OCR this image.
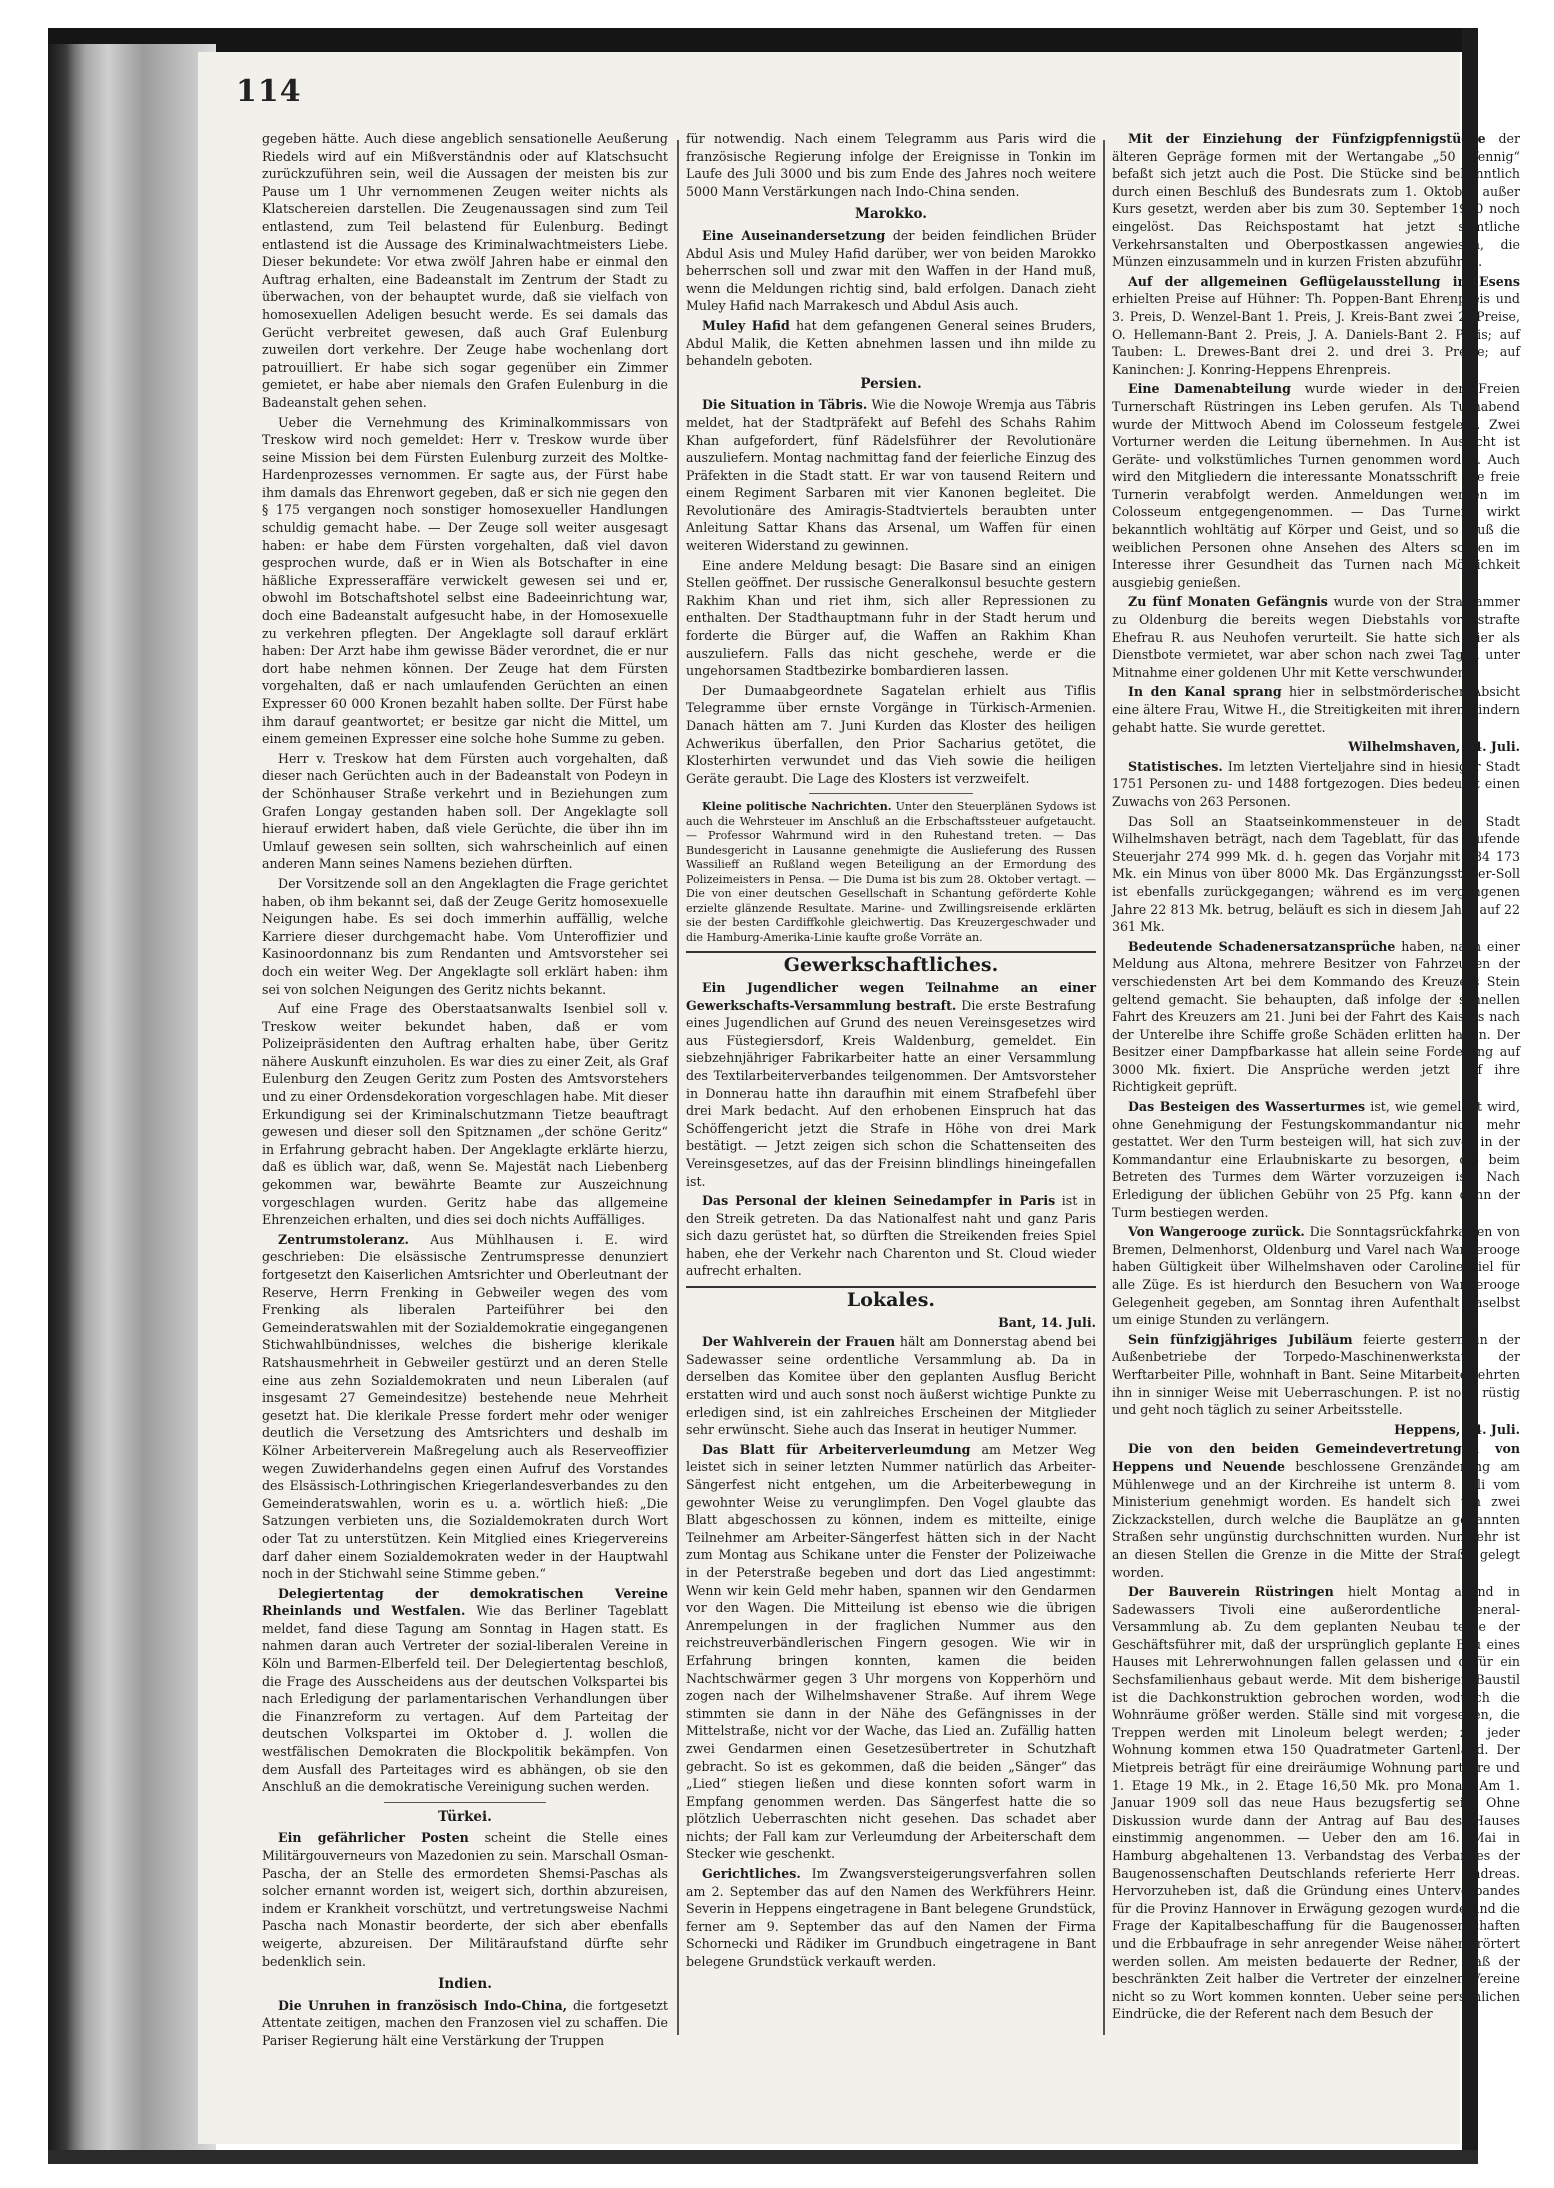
114

gegeben hätte. Auch diese angeblich sensationelle Aeußerung Riedels wird auf ein Mißverständnis oder auf Klatschsucht zurückzuführen sein, weil die Aussagen der meisten bis zur Pause um 1 Uhr vernommenen Zeugen weiter nichts als Klatschereien darstellen. Die Zeugenaussagen sind zum Teil entlastend, zum Teil belastend für Eulenburg. Bedingt entlastend ist die Aussage des Kriminalwachtmeisters Liebe. Dieser bekundete: Vor etwa zwölf Jahren habe er einmal den Auftrag erhalten, eine Badeanstalt im Zentrum der Stadt zu überwachen, von der behauptet wurde, daß sie vielfach von homosexuellen Adeligen besucht werde. Es sei damals das Gerücht verbreitet gewesen, daß auch Graf Eulenburg zuweilen dort verkehre. Der Zeuge habe wochenlang dort patrouilliert. Er habe sich sogar gegenüber ein Zimmer gemietet, er habe aber niemals den Grafen Eulenburg in die Badeanstalt gehen sehen.

Ueber die Vernehmung des Kriminalkommissars von Treskow wird noch gemeldet: Herr v. Treskow wurde über seine Mission bei dem Fürsten Eulenburg zurzeit des Moltke-Hardenprozesses vernommen. Er sagte aus, der Fürst habe ihm damals das Ehrenwort gegeben, daß er sich nie gegen den § 175 vergangen noch sonstiger homosexueller Handlungen schuldig gemacht habe. — Der Zeuge soll weiter ausgesagt haben: er habe dem Fürsten vorgehalten, daß viel davon gesprochen wurde, daß er in Wien als Botschafter in eine häßliche Expresseraffäre verwickelt gewesen sei und er, obwohl im Botschaftshotel selbst eine Badeeinrichtung war, doch eine Badeanstalt aufgesucht habe, in der Homosexuelle zu verkehren pflegten. Der Angeklagte soll darauf erklärt haben: Der Arzt habe ihm gewisse Bäder verordnet, die er nur dort habe nehmen können. Der Zeuge hat dem Fürsten vorgehalten, daß er nach umlaufenden Gerüchten an einen Expresser 60 000 Kronen bezahlt haben sollte. Der Fürst habe ihm darauf geantwortet; er besitze gar nicht die Mittel, um einem gemeinen Expresser eine solche hohe Summe zu geben.

Herr v. Treskow hat dem Fürsten auch vorgehalten, daß dieser nach Gerüchten auch in der Badeanstalt von Podeyn in der Schönhauser Straße verkehrt und in Beziehungen zum Grafen Longay gestanden haben soll. Der Angeklagte soll hierauf erwidert haben, daß viele Gerüchte, die über ihn im Umlauf gewesen sein sollten, sich wahrscheinlich auf einen anderen Mann seines Namens beziehen dürften.

Der Vorsitzende soll an den Angeklagten die Frage gerichtet haben, ob ihm bekannt sei, daß der Zeuge Geritz homosexuelle Neigungen habe. Es sei doch immerhin auffällig, welche Karriere dieser durchgemacht habe. Vom Unteroffizier und Kasinoordonnanz bis zum Rendanten und Amtsvorsteher sei doch ein weiter Weg. Der Angeklagte soll erklärt haben: ihm sei von solchen Neigungen des Geritz nichts bekannt.

Auf eine Frage des Oberstaatsanwalts Isenbiel soll v. Treskow weiter bekundet haben, daß er vom Polizeipräsidenten den Auftrag erhalten habe, über Geritz nähere Auskunft einzuholen. Es war dies zu einer Zeit, als Graf Eulenburg den Zeugen Geritz zum Posten des Amtsvorstehers und zu einer Ordensdekoration vorgeschlagen habe. Mit dieser Erkundigung sei der Kriminalschutzmann Tietze beauftragt gewesen und dieser soll den Spitznamen „der schöne Geritz“ in Erfahrung gebracht haben. Der Angeklagte erklärte hierzu, daß es üblich war, daß, wenn Se. Majestät nach Liebenberg gekommen war, bewährte Beamte zur Auszeichnung vorgeschlagen wurden. Geritz habe das allgemeine Ehrenzeichen erhalten, und dies sei doch nichts Auffälliges.

Zentrumstoleranz. Aus Mühlhausen i. E. wird geschrieben: Die elsässische Zentrumspresse denunziert fortgesetzt den Kaiserlichen Amtsrichter und Oberleutnant der Reserve, Herrn Frenking in Gebweiler wegen des vom Frenking als liberalen Parteiführer bei den Gemeinderatswahlen mit der Sozialdemokratie eingegangenen Stichwahlbündnisses, welches die bisherige klerikale Ratshausmehrheit in Gebweiler gestürzt und an deren Stelle eine aus zehn Sozialdemokraten und neun Liberalen (auf insgesamt 27 Gemeindesitze) bestehende neue Mehrheit gesetzt hat. Die klerikale Presse fordert mehr oder weniger deutlich die Versetzung des Amtsrichters und deshalb im Kölner Arbeiterverein Maßregelung auch als Reserveoffizier wegen Zuwiderhandelns gegen einen Aufruf des Vorstandes des Elsässisch-Lothringischen Kriegerlandesverbandes zu den Gemeinderatswahlen, worin es u. a. wörtlich hieß: „Die Satzungen verbieten uns, die Sozialdemokraten durch Wort oder Tat zu unterstützen. Kein Mitglied eines Kriegervereins darf daher einem Sozialdemokraten weder in der Hauptwahl noch in der Stichwahl seine Stimme geben.“

Delegiertentag der demokratischen Vereine Rheinlands und Westfalen. Wie das Berliner Tageblatt meldet, fand diese Tagung am Sonntag in Hagen statt. Es nahmen daran auch Vertreter der sozial-liberalen Vereine in Köln und Barmen-Elberfeld teil. Der Delegiertentag beschloß, die Frage des Ausscheidens aus der deutschen Volkspartei bis nach Erledigung der parlamentarischen Verhandlungen über die Finanzreform zu vertagen. Auf dem Parteitag der deutschen Volkspartei im Oktober d. J. wollen die westfälischen Demokraten die Blockpolitik bekämpfen. Von dem Ausfall des Parteitages wird es abhängen, ob sie den Anschluß an die demokratische Vereinigung suchen werden.

Türkei.

Ein gefährlicher Posten scheint die Stelle eines Militärgouverneurs von Mazedonien zu sein. Marschall Osman-Pascha, der an Stelle des ermordeten Shemsi-Paschas als solcher ernannt worden ist, weigert sich, dorthin abzureisen, indem er Krankheit vorschützt, und vertretungsweise Nachmi Pascha nach Monastir beorderte, der sich aber ebenfalls weigerte, abzureisen. Der Militäraufstand dürfte sehr bedenklich sein.

Indien.

Die Unruhen in französisch Indo-China, die fortgesetzt Attentate zeitigen, machen den Franzosen viel zu schaffen. Die Pariser Regierung hält eine Verstärkung der Truppen

für notwendig. Nach einem Telegramm aus Paris wird die französische Regierung infolge der Ereignisse in Tonkin im Laufe des Juli 3000 und bis zum Ende des Jahres noch weitere 5000 Mann Verstärkungen nach Indo-China senden.

Marokko.

Eine Auseinandersetzung der beiden feindlichen Brüder Abdul Asis und Muley Hafid darüber, wer von beiden Marokko beherrschen soll und zwar mit den Waffen in der Hand muß, wenn die Meldungen richtig sind, bald erfolgen. Danach zieht Muley Hafid nach Marrakesch und Abdul Asis auch.

Muley Hafid hat dem gefangenen General seines Bruders, Abdul Malik, die Ketten abnehmen lassen und ihn milde zu behandeln geboten.

Persien.

Die Situation in Täbris. Wie die Nowoje Wremja aus Täbris meldet, hat der Stadtpräfekt auf Befehl des Schahs Rahim Khan aufgefordert, fünf Rädelsführer der Revolutionäre auszuliefern. Montag nachmittag fand der feierliche Einzug des Präfekten in die Stadt statt. Er war von tausend Reitern und einem Regiment Sarbaren mit vier Kanonen begleitet. Die Revolutionäre des Amiragis-Stadtviertels beraubten unter Anleitung Sattar Khans das Arsenal, um Waffen für einen weiteren Widerstand zu gewinnen.

Eine andere Meldung besagt: Die Basare sind an einigen Stellen geöffnet. Der russische Generalkonsul besuchte gestern Rakhim Khan und riet ihm, sich aller Repressionen zu enthalten. Der Stadthauptmann fuhr in der Stadt herum und forderte die Bürger auf, die Waffen an Rakhim Khan auszuliefern. Falls das nicht geschehe, werde er die ungehorsamen Stadtbezirke bombardieren lassen.

Der Dumaabgeordnete Sagatelan erhielt aus Tiflis Telegramme über ernste Vorgänge in Türkisch-Armenien. Danach hätten am 7. Juni Kurden das Kloster des heiligen Achwerikus überfallen, den Prior Sacharius getötet, die Klosterhirten verwundet und das Vieh sowie die heiligen Geräte geraubt. Die Lage des Klosters ist verzweifelt.

Kleine politische Nachrichten. Unter den Steuerplänen Sydows ist auch die Wehrsteuer im Anschluß an die Erbschaftssteuer aufgetaucht. — Professor Wahrmund wird in den Ruhestand treten. — Das Bundesgericht in Lausanne genehmigte die Auslieferung des Russen Wassilieff an Rußland wegen Beteiligung an der Ermordung des Polizeimeisters in Pensa. — Die Duma ist bis zum 28. Oktober vertagt. — Die von einer deutschen Gesellschaft in Schantung geförderte Kohle erzielte glänzende Resultate. Marine- und Zwillingsreisende erklärten sie der besten Cardiffkohle gleichwertig. Das Kreuzergeschwader und die Hamburg-Amerika-Linie kaufte große Vorräte an.

Gewerkschaftliches.

Ein Jugendlicher wegen Teilnahme an einer Gewerkschafts-Versammlung bestraft. Die erste Bestrafung eines Jugendlichen auf Grund des neuen Vereinsgesetzes wird aus Füstegiersdorf, Kreis Waldenburg, gemeldet. Ein siebzehnjähriger Fabrikarbeiter hatte an einer Versammlung des Textilarbeiterverbandes teilgenommen. Der Amtsvorsteher in Donnerau hatte ihn daraufhin mit einem Strafbefehl über drei Mark bedacht. Auf den erhobenen Einspruch hat das Schöffengericht jetzt die Strafe in Höhe von drei Mark bestätigt. — Jetzt zeigen sich schon die Schattenseiten des Vereinsgesetzes, auf das der Freisinn blindlings hineingefallen ist.

Das Personal der kleinen Seinedampfer in Paris ist in den Streik getreten. Da das Nationalfest naht und ganz Paris sich dazu gerüstet hat, so dürften die Streikenden freies Spiel haben, ehe der Verkehr nach Charenton und St. Cloud wieder aufrecht erhalten.

Lokales.
Bant, 14. Juli.

Der Wahlverein der Frauen hält am Donnerstag abend bei Sadewasser seine ordentliche Versammlung ab. Da in derselben das Komitee über den geplanten Ausflug Bericht erstatten wird und auch sonst noch äußerst wichtige Punkte zu erledigen sind, ist ein zahlreiches Erscheinen der Mitglieder sehr erwünscht. Siehe auch das Inserat in heutiger Nummer.

Das Blatt für Arbeiterverleumdung am Metzer Weg leistet sich in seiner letzten Nummer natürlich das Arbeiter-Sängerfest nicht entgehen, um die Arbeiterbewegung in gewohnter Weise zu verunglimpfen. Den Vogel glaubte das Blatt abgeschossen zu können, indem es mitteilte, einige Teilnehmer am Arbeiter-Sängerfest hätten sich in der Nacht zum Montag aus Schikane unter die Fenster der Polizeiwache in der Peterstraße begeben und dort das Lied angestimmt: Wenn wir kein Geld mehr haben, spannen wir den Gendarmen vor den Wagen. Die Mitteilung ist ebenso wie die übrigen Anrempelungen in der fraglichen Nummer aus den reichstreuverbändlerischen Fingern gesogen. Wie wir in Erfahrung bringen konnten, kamen die beiden Nachtschwärmer gegen 3 Uhr morgens von Kopperhörn und zogen nach der Wilhelmshavener Straße. Auf ihrem Wege stimmten sie dann in der Nähe des Gefängnisses in der Mittelstraße, nicht vor der Wache, das Lied an. Zufällig hatten zwei Gendarmen einen Gesetzesübertreter in Schutzhaft gebracht. So ist es gekommen, daß die beiden „Sänger“ das „Lied“ stiegen ließen und diese konnten sofort warm in Empfang genommen werden. Das Sängerfest hatte die so plötzlich Ueberraschten nicht gesehen. Das schadet aber nichts; der Fall kam zur Verleumdung der Arbeiterschaft dem Stecker wie geschenkt.

Gerichtliches. Im Zwangsversteigerungsverfahren sollen am 2. September das auf den Namen des Werkführers Heinr. Severin in Heppens eingetragene in Bant belegene Grundstück, ferner am 9. September das auf den Namen der Firma Schornecki und Rädiker im Grundbuch eingetragene in Bant belegene Grundstück verkauft werden.

Mit der Einziehung der Fünfzigpfennigstücke der älteren Gepräge formen mit der Wertangabe „50 Pfennig“ befaßt sich jetzt auch die Post. Die Stücke sind bekanntlich durch einen Beschluß des Bundesrats zum 1. Oktober außer Kurs gesetzt, werden aber bis zum 30. September 1910 noch eingelöst. Das Reichspostamt hat jetzt sämtliche Verkehrsanstalten und Oberpostkassen angewiesen, die Münzen einzusammeln und in kurzen Fristen abzuführen.

Auf der allgemeinen Geflügelausstellung in Esens erhielten Preise auf Hühner: Th. Poppen-Bant Ehrenpreis und 3. Preis, D. Wenzel-Bant 1. Preis, J. Kreis-Bant zwei 2. Preise, O. Hellemann-Bant 2. Preis, J. A. Daniels-Bant 2. Preis; auf Tauben: L. Drewes-Bant drei 2. und drei 3. Preise; auf Kaninchen: J. Konring-Heppens Ehrenpreis.

Eine Damenabteilung wurde wieder in der Freien Turnerschaft Rüstringen ins Leben gerufen. Als Turnabend wurde der Mittwoch Abend im Colosseum festgelegt. Zwei Vorturner werden die Leitung übernehmen. In Aussicht ist Geräte- und volkstümliches Turnen genommen worden. Auch wird den Mitgliedern die interessante Monatsschrift Die freie Turnerin verabfolgt werden. Anmeldungen werden im Colosseum entgegengenommen. — Das Turnen wirkt bekanntlich wohltätig auf Körper und Geist, und so muß die weiblichen Personen ohne Ansehen des Alters sollten im Interesse ihrer Gesundheit das Turnen nach Möglichkeit ausgiebig genießen.

Zu fünf Monaten Gefängnis wurde von der Strafkammer zu Oldenburg die bereits wegen Diebstahls vorbestrafte Ehefrau R. aus Neuhofen verurteilt. Sie hatte sich hier als Dienstbote vermietet, war aber schon nach zwei Tagen unter Mitnahme einer goldenen Uhr mit Kette verschwunden.

In den Kanal sprang hier in selbstmörderischer Absicht eine ältere Frau, Witwe H., die Streitigkeiten mit ihren Kindern gehabt hatte. Sie wurde gerettet.

Wilhelmshaven, 14. Juli.

Statistisches. Im letzten Vierteljahre sind in hiesiger Stadt 1751 Personen zu- und 1488 fortgezogen. Dies bedeutet einen Zuwachs von 263 Personen.

Das Soll an Staatseinkommensteuer in der Stadt Wilhelmshaven beträgt, nach dem Tageblatt, für das laufende Steuerjahr 274 999 Mk. d. h. gegen das Vorjahr mit 284 173 Mk. ein Minus von über 8000 Mk. Das Ergänzungssteuer-Soll ist ebenfalls zurückgegangen; während es im vergangenen Jahre 22 813 Mk. betrug, beläuft es sich in diesem Jahre auf 22 361 Mk.

Bedeutende Schadenersatzansprüche haben, nach einer Meldung aus Altona, mehrere Besitzer von Fahrzeugen der verschiedensten Art bei dem Kommando des Kreuzers Stein geltend gemacht. Sie behaupten, daß infolge der schnellen Fahrt des Kreuzers am 21. Juni bei der Fahrt des Kaisers nach der Unterelbe ihre Schiffe große Schäden erlitten haben. Der Besitzer einer Dampfbarkasse hat allein seine Forderung auf 3000 Mk. fixiert. Die Ansprüche werden jetzt auf ihre Richtigkeit geprüft.

Das Besteigen des Wasserturmes ist, wie gemeldet wird, ohne Genehmigung der Festungskommandantur nicht mehr gestattet. Wer den Turm besteigen will, hat sich zuvor in der Kommandantur eine Erlaubniskarte zu besorgen, die beim Betreten des Turmes dem Wärter vorzuzeigen ist. Nach Erledigung der üblichen Gebühr von 25 Pfg. kann dann der Turm bestiegen werden.

Von Wangerooge zurück. Die Sonntagsrückfahrkarten von Bremen, Delmenhorst, Oldenburg und Varel nach Wangerooge haben Gültigkeit über Wilhelmshaven oder Carolinensiel für alle Züge. Es ist hierdurch den Besuchern von Wangerooge Gelegenheit gegeben, am Sonntag ihren Aufenthalt daselbst um einige Stunden zu verlängern.

Sein fünfzigjähriges Jubiläum feierte gestern in der Außenbetriebe der Torpedo-Maschinenwerkstatt der Werftarbeiter Pille, wohnhaft in Bant. Seine Mitarbeiter ehrten ihn in sinniger Weise mit Ueberraschungen. P. ist noch rüstig und geht noch täglich zu seiner Arbeitsstelle.

Heppens, 14. Juli.

Die von den beiden Gemeindevertretungen von Heppens und Neuende beschlossene Grenzänderung am Mühlenwege und an der Kirchreihe ist unterm 8. Juli vom Ministerium genehmigt worden. Es handelt sich um zwei Zickzackstellen, durch welche die Bauplätze an genannten Straßen sehr ungünstig durchschnitten wurden. Nunmehr ist an diesen Stellen die Grenze in die Mitte der Straße gelegt worden.

Der Bauverein Rüstringen hielt Montag abend in Sadewassers Tivoli eine außerordentliche General-Versammlung ab. Zu dem geplanten Neubau teilte der Geschäftsführer mit, daß der ursprünglich geplante Bau eines Hauses mit Lehrerwohnungen fallen gelassen und dafür ein Sechsfamilienhaus gebaut werde. Mit dem bisherigen Baustil ist die Dachkonstruktion gebrochen worden, wodurch die Wohnräume größer werden. Ställe sind mit vorgesehen, die Treppen werden mit Linoleum belegt werden; zu jeder Wohnung kommen etwa 150 Quadratmeter Gartenland. Der Mietpreis beträgt für eine dreiräumige Wohnung parterre und 1. Etage 19 Mk., in 2. Etage 16,50 Mk. pro Monat. Am 1. Januar 1909 soll das neue Haus bezugsfertig sein. Ohne Diskussion wurde dann der Antrag auf Bau des Hauses einstimmig angenommen. — Ueber den am 16. Mai in Hamburg abgehaltenen 13. Verbandstag des Verbandes der Baugenossenschaften Deutschlands referierte Herr Andreas. Hervorzuheben ist, daß die Gründung eines Unterverbandes für die Provinz Hannover in Erwägung gezogen wurde und die Frage der Kapitalbeschaffung für die Baugenossenschaften und die Erbbaufrage in sehr anregender Weise näher erörtert werden sollen. Am meisten bedauerte der Redner, daß der beschränkten Zeit halber die Vertreter der einzelnen Vereine nicht so zu Wort kommen konnten. Ueber seine persönlichen Eindrücke, die der Referent nach dem Besuch der
